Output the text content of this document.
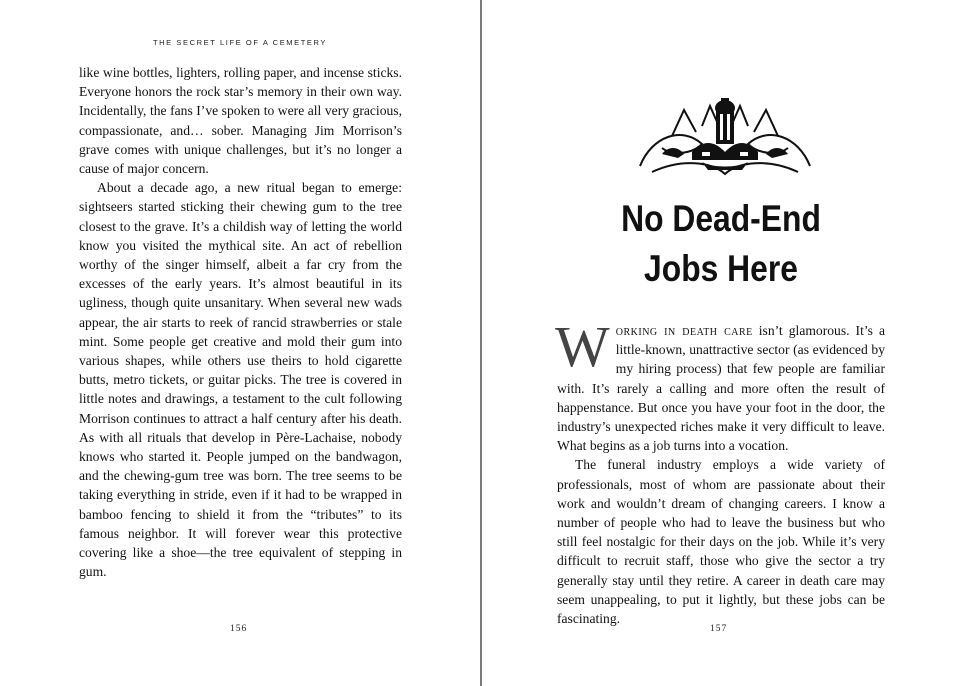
THE SECRET LIFE OF A CEMETERY

like wine bottles, lighters, rolling paper, and incense sticks. Everyone honors the rock star’s memory in their own way. Incidentally, the fans I’ve spoken to were all very gracious, compassionate, and… sober. Managing Jim Morrison’s grave comes with unique challenges, but it’s no longer a cause of major concern.

About a decade ago, a new ritual began to emerge: sightseers started sticking their chewing gum to the tree closest to the grave. It’s a childish way of letting the world know you visited the mythical site. An act of rebellion worthy of the singer himself, albeit a far cry from the excesses of the early years. It’s almost beautiful in its ugliness, though quite unsanitary. When several new wads appear, the air starts to reek of rancid strawberries or stale mint. Some people get creative and mold their gum into various shapes, while others use theirs to hold cigarette butts, metro tickets, or guitar picks. The tree is covered in little notes and drawings, a testament to the cult following Morrison continues to attract a half century after his death. As with all rituals that develop in Père-Lachaise, nobody knows who started it. People jumped on the bandwagon, and the chewing-gum tree was born. The tree seems to be taking everything in stride, even if it had to be wrapped in bamboo fencing to shield it from the “tributes” to its famous neighbor. It will forever wear this protective covering like a shoe—the tree equivalent of stepping in gum.

156
No Dead-End
Jobs Here

Working in death care isn’t glamorous. It’s a little-known, unattractive sector (as evidenced by my hiring process) that few people are familiar with. It’s rarely a calling and more often the result of happenstance. But once you have your foot in the door, the industry’s unexpected riches make it very difficult to leave. What begins as a job turns into a vocation.

The funeral industry employs a wide variety of professionals, most of whom are passionate about their work and wouldn’t dream of changing careers. I know a number of people who had to leave the business but who still feel nostalgic for their days on the job. While it’s very difficult to recruit staff, those who give the sector a try generally stay until they retire. A career in death care may seem unappealing, to put it lightly, but these jobs can be fascinating.

157
